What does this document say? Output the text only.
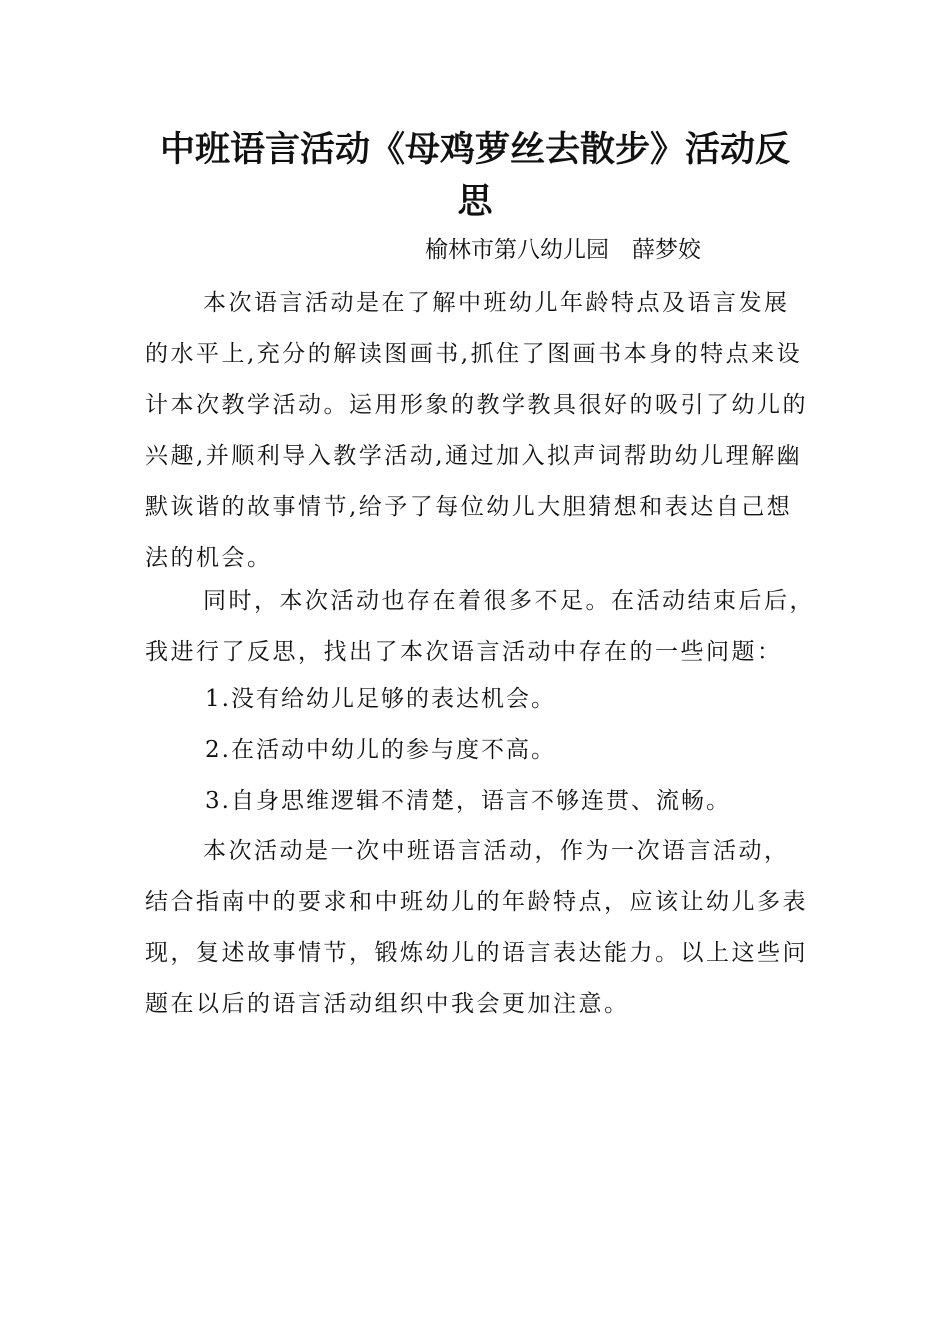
中班语言活动《母鸡萝丝去散步》活动反思
榆林市第八幼儿园　薛梦姣

本次语言活动是在了解中班幼儿年龄特点及语言发展的水平上,充分的解读图画书,抓住了图画书本身的特点来设计本次教学活动。运用形象的教学教具很好的吸引了幼儿的兴趣,并顺利导入教学活动,通过加入拟声词帮助幼儿理解幽默诙谐的故事情节,给予了每位幼儿大胆猜想和表达自己想法的机会。

同时，本次活动也存在着很多不足。在活动结束后后，我进行了反思，找出了本次语言活动中存在的一些问题：

1.没有给幼儿足够的表达机会。

2.在活动中幼儿的参与度不高。

3.自身思维逻辑不清楚，语言不够连贯、流畅。

本次活动是一次中班语言活动，作为一次语言活动，结合指南中的要求和中班幼儿的年龄特点，应该让幼儿多表现，复述故事情节，锻炼幼儿的语言表达能力。以上这些问题在以后的语言活动组织中我会更加注意。
